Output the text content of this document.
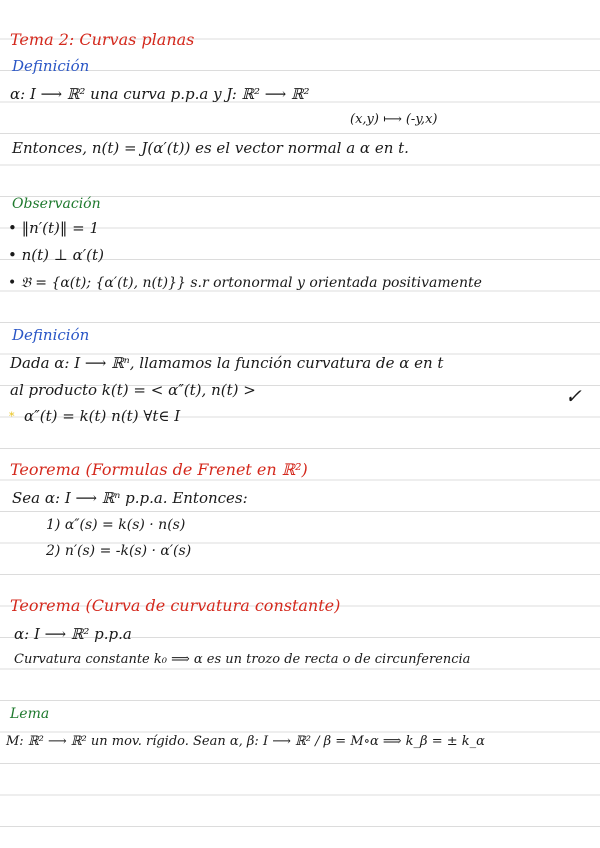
Tema 2: Curvas planas
Definición
α: I ⟶ ℝ² una curva p.p.a y J: ℝ² ⟶ ℝ²
(x,y) ⟼ (-y,x)
Entonces, n(t) = J(α′(t)) es el vector normal a α en t.
Observación
• ‖n′(t)‖ = 1
• n(t) ⊥ α′(t)
• 𝔅 = {α(t); {α′(t), n(t)}} s.r ortonormal y orientada positivamente
Definición
Dada α: I ⟶ ℝⁿ, llamamos la función curvatura de α en t
al producto k(t) = < α″(t), n(t) >	✓
* α″(t) = k(t) n(t) ∀t∈ I
Teorema (Formulas de Frenet en ℝ²)
Sea α: I ⟶ ℝⁿ p.p.a. Entonces:
1) α″(s) = k(s) · n(s)
2) n′(s) = -k(s) · α′(s)
Teorema (Curva de curvatura constante)
α: I ⟶ ℝ² p.p.a
Curvatura constante k₀ ⟹ α es un trozo de recta o de circunferencia
Lema
M: ℝ² ⟶ ℝ² un mov. rígido. Sean α, β: I ⟶ ℝ² / β = M∘α ⟹ k_β = ± k_α
